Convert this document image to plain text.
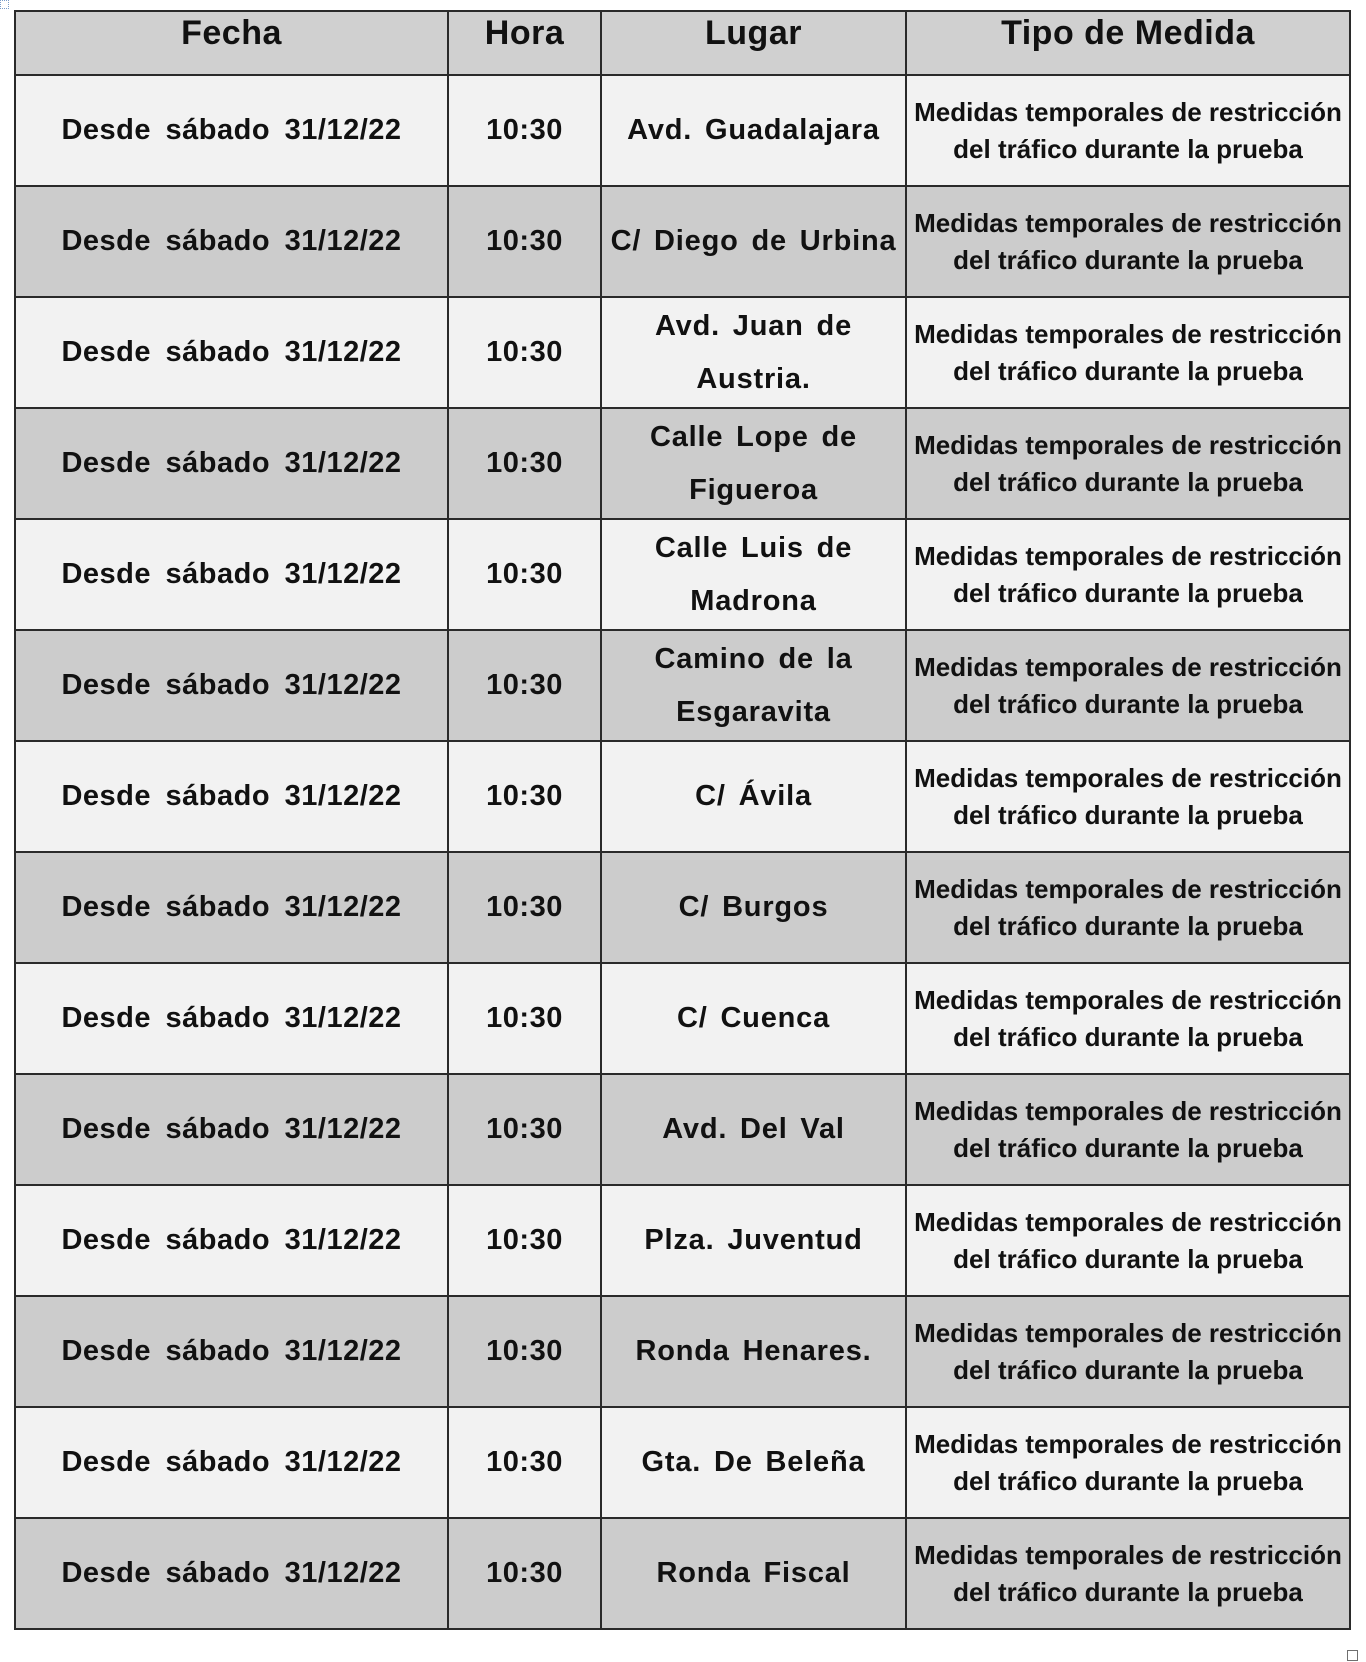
Fecha	Hora	Lugar	Tipo de Medida
Desde sábado 31/12/22	10:30	Avd. Guadalajara	Medidas temporales de restricción del tráfico durante la prueba
Desde sábado 31/12/22	10:30	C/ Diego de Urbina	Medidas temporales de restricción del tráfico durante la prueba
Desde sábado 31/12/22	10:30	Avd. Juan de Austria.	Medidas temporales de restricción del tráfico durante la prueba
Desde sábado 31/12/22	10:30	Calle Lope de Figueroa	Medidas temporales de restricción del tráfico durante la prueba
Desde sábado 31/12/22	10:30	Calle Luis de Madrona	Medidas temporales de restricción del tráfico durante la prueba
Desde sábado 31/12/22	10:30	Camino de la Esgaravita	Medidas temporales de restricción del tráfico durante la prueba
Desde sábado 31/12/22	10:30	C/ Ávila	Medidas temporales de restricción del tráfico durante la prueba
Desde sábado 31/12/22	10:30	C/ Burgos	Medidas temporales de restricción del tráfico durante la prueba
Desde sábado 31/12/22	10:30	C/ Cuenca	Medidas temporales de restricción del tráfico durante la prueba
Desde sábado 31/12/22	10:30	Avd. Del Val	Medidas temporales de restricción del tráfico durante la prueba
Desde sábado 31/12/22	10:30	Plza. Juventud	Medidas temporales de restricción del tráfico durante la prueba
Desde sábado 31/12/22	10:30	Ronda Henares.	Medidas temporales de restricción del tráfico durante la prueba
Desde sábado 31/12/22	10:30	Gta. De Beleña	Medidas temporales de restricción del tráfico durante la prueba
Desde sábado 31/12/22	10:30	Ronda Fiscal	Medidas temporales de restricción del tráfico durante la prueba
